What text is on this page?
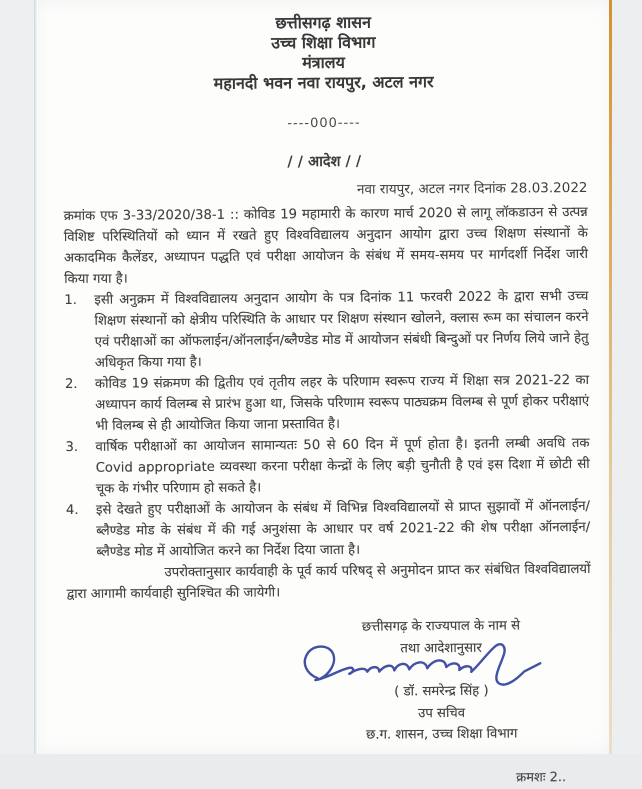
छत्तीसगढ़ शासन
उच्च शिक्षा विभाग
मंत्रालय
महानदी भवन नवा रायपुर, अटल नगर
----000----
/ / आदेश / /
नवा रायपुर, अटल नगर दिनांक 28.03.2022
क्रमांक एफ 3-33/2020/38-1 :: कोविड 19 महामारी के कारण मार्च 2020 से लागू लॉकडाउन से उत्पन्न विशिष्ट परिस्थितियों को ध्यान में रखते हुए विश्वविद्यालय अनुदान आयोग द्वारा उच्च शिक्षण संस्थानों के अकादमिक कैलेंडर, अध्यापन पद्धति एवं परीक्षा आयोजन के संबंध में समय-समय पर मार्गदर्शी निर्देश जारी किया गया है।
1.	इसी अनुक्रम में विश्वविद्यालय अनुदान आयोग के पत्र दिनांक 11 फरवरी 2022 के द्वारा सभी उच्च शिक्षण संस्थानों को क्षेत्रीय परिस्थिति के आधार पर शिक्षण संस्थान खोलने, क्लास रूम का संचालन करने एवं परीक्षाओं का ऑफलाईन/ऑनलाईन/ब्लैण्डेड मोड में आयोजन संबंधी बिन्दुओं पर निर्णय लिये जाने हेतु अधिकृत किया गया है।
2.	कोविड 19 संक्रमण की द्वितीय एवं तृतीय लहर के परिणाम स्वरूप राज्य में शिक्षा सत्र 2021-22 का अध्यापन कार्य विलम्ब से प्रारंभ हुआ था, जिसके परिणाम स्वरूप पाठ्यक्रम विलम्ब से पूर्ण होकर परीक्षाएं भी विलम्ब से ही आयोजित किया जाना प्रस्तावित है।
3.	वार्षिक परीक्षाओं का आयोजन सामान्यतः 50 से 60 दिन में पूर्ण होता है। इतनी लम्बी अवधि तक Covid appropriate व्यवस्था करना परीक्षा केन्द्रों के लिए बड़ी चुनौती है एवं इस दिशा में छोटी सी चूक के गंभीर परिणाम हो सकते है।
4.	इसे देखते हुए परीक्षाओं के आयोजन के संबंध में विभिन्न विश्वविद्यालयों से प्राप्त सुझावों में ऑनलाईन/ब्लैण्डेड मोड के संबंध में की गई अनुशंसा के आधार पर वर्ष 2021-22 की शेष परीक्षा ऑनलाईन/ब्लैण्डेड मोड में आयोजित करने का निर्देश दिया जाता है।
उपरोक्तानुसार कार्यवाही के पूर्व कार्य परिषद् से अनुमोदन प्राप्त कर संबंधित विश्वविद्यालयों द्वारा आगामी कार्यवाही सुनिश्चित की जायेगी।
छत्तीसगढ़ के राज्यपाल के नाम से
तथा आदेशानुसार
( डॉ. समरेन्द्र सिंह )
उप सचिव
छ.ग. शासन, उच्च शिक्षा विभाग
क्रमशः 2..
